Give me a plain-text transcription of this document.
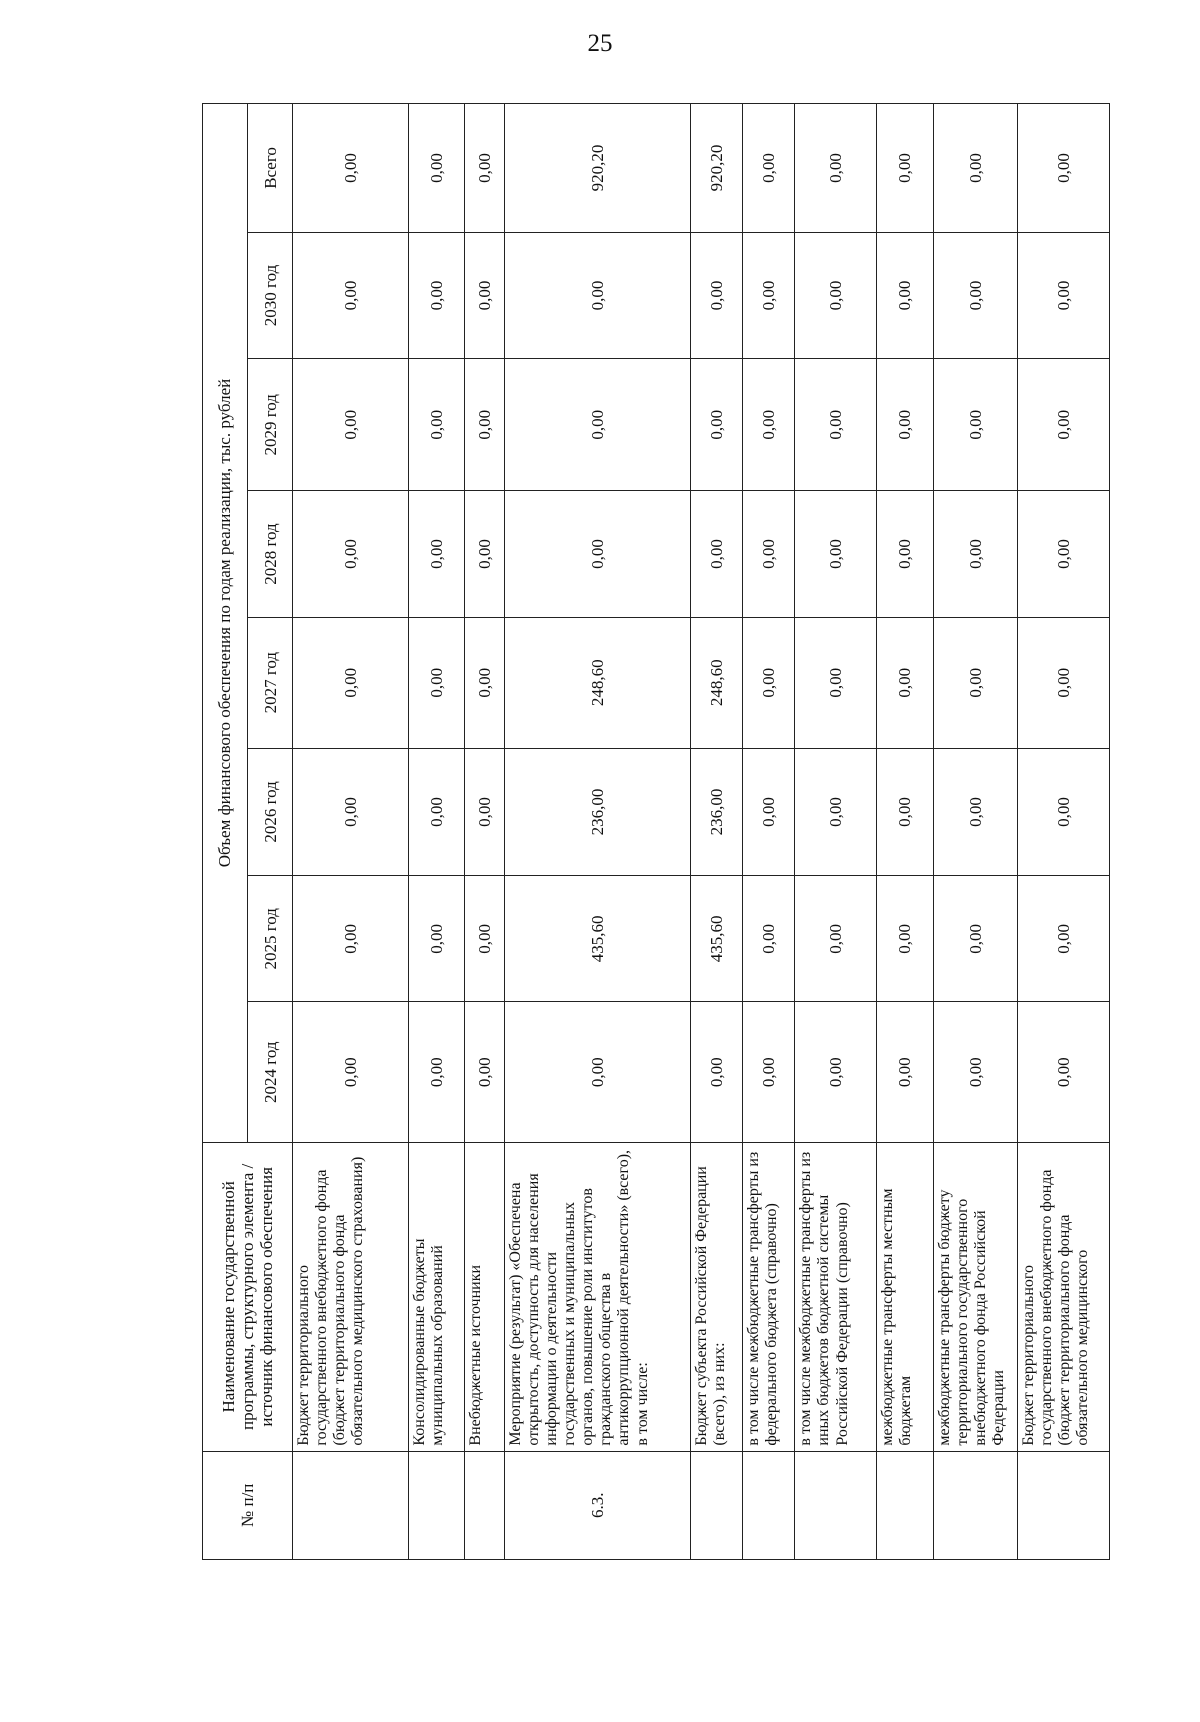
25
№ п/п	Наименование государственной программы, структурного элемента / источник финансового обеспечения	Объем финансового обеспечения по годам реализации, тыс. рублей							
		2024 год	2025 год	2026 год	2027 год	2028 год	2029 год	2030 год	Всего
	Бюджет территориального государственного внебюджетного фонда (бюджет территориального фонда обязательного медицинского страхования)	0,00	0,00	0,00	0,00	0,00	0,00	0,00	0,00
	Консолидированные бюджеты муниципальных образований	0,00	0,00	0,00	0,00	0,00	0,00	0,00	0,00
	Внебюджетные источники	0,00	0,00	0,00	0,00	0,00	0,00	0,00	0,00
6.3.	Мероприятие (результат) «Обеспечена открытость, доступность для населения информации о деятельности государственных и муниципальных органов, повышение роли институтов гражданского общества в антикоррупционной деятельности» (всего), в том числе:	0,00	435,60	236,00	248,60	0,00	0,00	0,00	920,20
	Бюджет субъекта Российской Федерации (всего), из них:	0,00	435,60	236,00	248,60	0,00	0,00	0,00	920,20
	в том числе межбюджетные трансферты из федерального бюджета (справочно)	0,00	0,00	0,00	0,00	0,00	0,00	0,00	0,00
	в том числе межбюджетные трансферты из иных бюджетов бюджетной системы Российской Федерации (справочно)	0,00	0,00	0,00	0,00	0,00	0,00	0,00	0,00
	межбюджетные трансферты местным бюджетам	0,00	0,00	0,00	0,00	0,00	0,00	0,00	0,00
	межбюджетные трансферты бюджету территориального государственного внебюджетного фонда Российской Федерации	0,00	0,00	0,00	0,00	0,00	0,00	0,00	0,00
	Бюджет территориального государственного внебюджетного фонда (бюджет территориального фонда обязательного медицинского	0,00	0,00	0,00	0,00	0,00	0,00	0,00	0,00
